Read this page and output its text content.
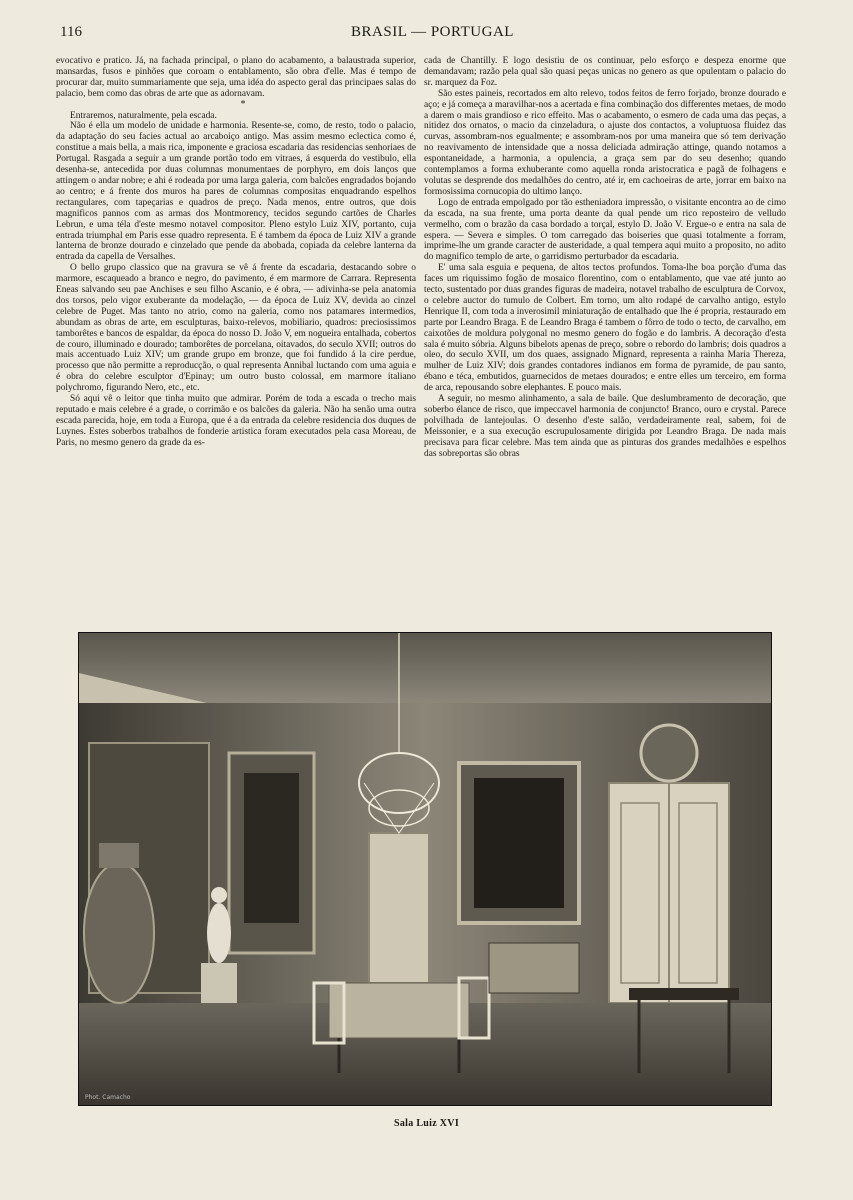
116	BRASIL — PORTUGAL

evocativo e pratico. Já, na fachada principal, o plano do acabamento, a balaustrada superior, mansardas, fusos e pinhões que coroam o entablamento, são obra d'elle. Mas é tempo de procurar dar, muito summariamente que seja, uma idéa do aspecto geral das principaes salas do palacio, bem como das obras de arte que as adornavam.

*

Entraremos, naturalmente, pela escada.

Não é ella um modelo de unidade e harmonia. Resente-se, como, de resto, todo o palacio, da adaptação do seu facies actual ao arcaboiço antigo. Mas assim mesmo eclectica como é, constitue a mais bella, a mais rica, imponente e graciosa escadaria das residencias senhoriaes de Portugal. Rasgada a seguir a um grande portão todo em vitraes, á esquerda do vestibulo, ella desenha-se, antecedida por duas columnas monumentaes de porphyro, em dois lanços que attingem o andar nobre; e ahi é rodeada por uma larga galeria, com balcões engradados bojando ao centro; e á frente dos muros ha pares de columnas compositas enquadrando espelhos rectangulares, com tapeçarias e quadros de preço. Nada menos, entre outros, que dois magnificos pannos com as armas dos Montmorency, tecidos segundo cartões de Charles Lebrun, e uma téla d'este mesmo notavel compositor. Pleno estylo Luiz XIV, portanto, cuja entrada triumphal em Paris esse quadro representa. E é tambem da época de Luiz XIV a grande lanterna de bronze dourado e cinzelado que pende da abobada, copiada da celebre lanterna da entrada da capella de Versalhes.

O bello grupo classico que na gravura se vê á frente da escadaria, destacando sobre o marmore, escaqueado a branco e negro, do pavimento, é em marmore de Carrara. Representa Eneas salvando seu pae Anchises e seu filho Ascanio, e é obra, — adivinha-se pela anatomia dos torsos, pelo vigor exuberante da modelação, — da época de Luiz XV, devida ao cinzel celebre de Puget. Mas tanto no atrio, como na galeria, como nos patamares intermedios, abundam as obras de arte, em esculpturas, baixo-relevos, mobiliario, quadros: preciosissimos tamborêtes e bancos de espaldar, da época do nosso D. João V, em nogueira entalhada, cobertos de couro, illuminado e dourado; tamborêtes de porcelana, oitavados, do seculo XVII; outros do mais accentuado Luiz XIV; um grande grupo em bronze, que foi fundido á la cire perdue, processo que não permitte a reproducção, o qual representa Annibal luctando com uma aguia e é obra do celebre esculptor d'Epinay; um outro busto colossal, em marmore italiano polychromo, figurando Nero, etc., etc.

Só aqui vê o leitor que tinha muito que admirar. Porém de toda a escada o trecho mais reputado e mais celebre é a grade, o corrimão e os balcões da galeria. Não ha senão uma outra escada parecida, hoje, em toda a Europa, que é a da entrada da celebre residencia dos duques de Luynes. Estes soberbos trabalhos de fonderie artistica foram executados pela casa Moreau, de Paris, no mesmo genero da grade da es-

cada de Chantilly. E logo desistiu de os continuar, pelo esforço e despeza enorme que demandavam; razão pela qual são quasi peças unicas no genero as que opulentam o palacio do sr. marquez da Foz.

São estes paineis, recortados em alto relevo, todos feitos de ferro forjado, bronze dourado e aço; e já começa a maravilhar-nos a acertada e fina combinação dos differentes metaes, de modo a darem o mais grandioso e rico effeito. Mas o acabamento, o esmero de cada uma das peças, a nitidez dos ornatos, o macio da cinzeladura, o ajuste dos contactos, a voluptuosa fluidez das curvas, assombram-nos egualmente; e assombram-nos por uma maneira que só tem derivação no reavivamento de intensidade que a nossa deliciada admiração attinge, quando notamos a espontaneidade, a harmonia, a opulencia, a graça sem par do seu desenho; quando contemplamos a forma exhuberante como aquella ronda aristocratica e pagã de folhagens e volutas se desprende dos medalhões do centro, até ir, em cachoeiras de arte, jorrar em baixo na formosissima cornucopia do ultimo lanço.

Logo de entrada empolgado por tão estheniadora impressão, o visitante encontra ao de cimo da escada, na sua frente, uma porta deante da qual pende um rico reposteiro de velludo vermelho, com o brazão da casa bordado a torçal, estylo D. João V. Ergue-o e entra na sala de espera. — Severa e simples. O tom carregado das boiseries que quasi totalmente a forram, imprime-lhe um grande caracter de austeridade, a qual tempera aqui muito a proposito, no adito do magnifico templo de arte, o garridismo perturbador da escadaria.

E' uma sala esguia e pequena, de altos tectos profundos. Toma-lhe boa porção d'uma das faces um riquissimo fogão de mosaico florentino, com o entablamento, que vae até junto ao tecto, sustentado por duas grandes figuras de madeira, notavel trabalho de esculptura de Corvox, o celebre auctor do tumulo de Colbert. Em torno, um alto rodapé de carvalho antigo, estylo Henrique II, com toda a inverosimil miniaturação de entalhado que lhe é propria, restaurado em parte por Leandro Braga. E de Leandro Braga é tambem o fôrro de todo o tecto, de carvalho, em caixotões de moldura polygonal no mesmo genero do fogão e do lambris. A decoração d'esta sala é muito sóbria. Alguns bibelots apenas de preço, sobre o rebordo do lambris; dois quadros a oleo, do seculo XVII, um dos quaes, assignado Mignard, representa a rainha Maria Thereza, mulher de Luiz XIV; dois grandes contadores indianos em forma de pyramide, de pau santo, ébano e téca, embutidos, guarnecidos de metaes dourados; e entre elles um terceiro, em forma de arca, repousando sobre elephantes. E pouco mais.

A seguir, no mesmo alinhamento, a sala de baile. Que deslumbramento de decoração, que soberbo élance de risco, que impeccavel harmonia de conjuncto! Branco, ouro e crystal. Parece polvilhada de lantejoulas. O desenho d'este salão, verdadeiramente real, sabem, foi de Meissonier, e a sua execução escrupulosamente dirigida por Leandro Braga. De nada mais precisava para ficar celebre. Mas tem ainda que as pinturas dos grandes medalhões e espelhos das sobreportas são obras

Phot. Camacho
Sala Luiz XVI
